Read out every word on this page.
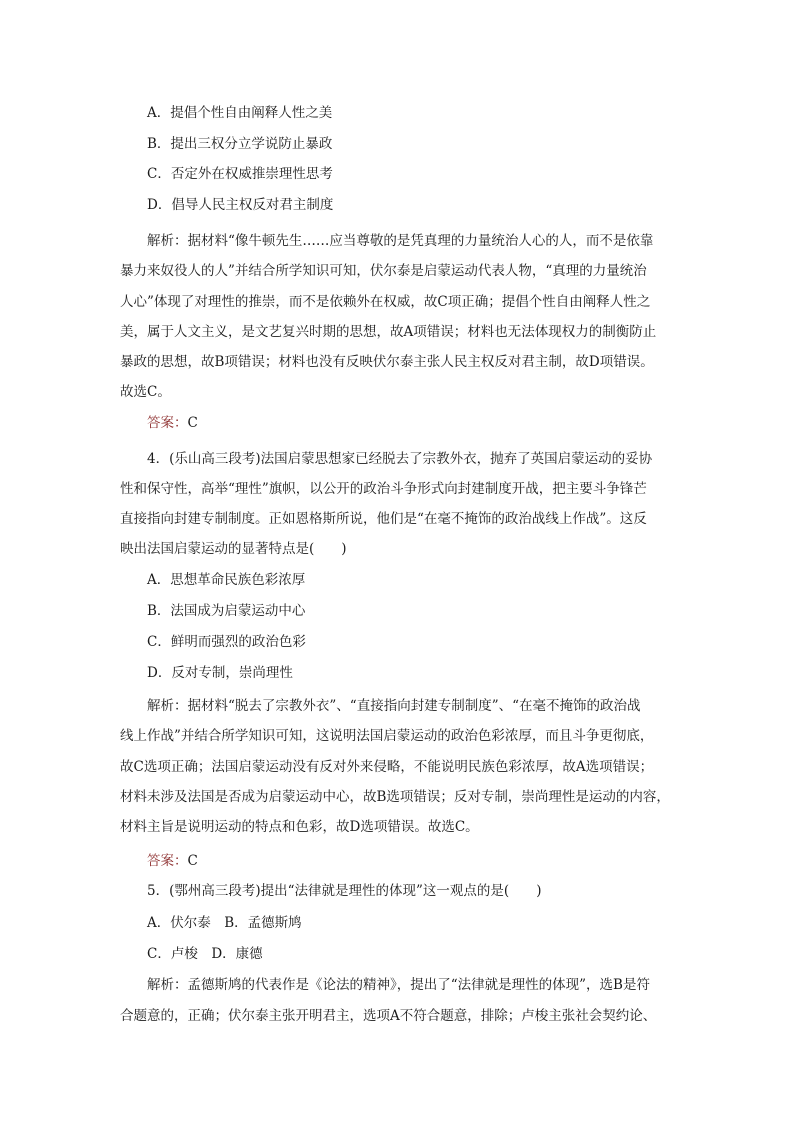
A．提倡个性自由阐释人性之美
B．提出三权分立学说防止暴政
C．否定外在权威推崇理性思考
D．倡导人民主权反对君主制度
解析：据材料“像牛顿先生……应当尊敬的是凭真理的力量统治人心的人，而不是依靠
暴力来奴役人的人”并结合所学知识可知，伏尔泰是启蒙运动代表人物，“真理的力量统治
人心”体现了对理性的推崇，而不是依赖外在权威，故C项正确；提倡个性自由阐释人性之
美，属于人文主义，是文艺复兴时期的思想，故A项错误；材料也无法体现权力的制衡防止
暴政的思想，故B项错误；材料也没有反映伏尔泰主张人民主权反对君主制，故D项错误。
故选C。
答案：C
4．(乐山高三段考)法国启蒙思想家已经脱去了宗教外衣，抛弃了英国启蒙运动的妥协
性和保守性，高举“理性”旗帜，以公开的政治斗争形式向封建制度开战，把主要斗争锋芒
直接指向封建专制制度。正如恩格斯所说，他们是“在毫不掩饰的政治战线上作战”。这反
映出法国启蒙运动的显著特点是(　　)
A．思想革命民族色彩浓厚
B．法国成为启蒙运动中心
C．鲜明而强烈的政治色彩
D．反对专制，崇尚理性
解析：据材料“脱去了宗教外衣”、“直接指向封建专制制度”、“在毫不掩饰的政治战
线上作战”并结合所学知识可知，这说明法国启蒙运动的政治色彩浓厚，而且斗争更彻底，
故C选项正确；法国启蒙运动没有反对外来侵略，不能说明民族色彩浓厚，故A选项错误；
材料未涉及法国是否成为启蒙运动中心，故B选项错误；反对专制，崇尚理性是运动的内容，
材料主旨是说明运动的特点和色彩，故D选项错误。故选C。
答案：C
5．(鄂州高三段考)提出“法律就是理性的体现”这一观点的是(　　)
A．伏尔泰　B．孟德斯鸠
C．卢梭　D．康德
解析：孟德斯鸠的代表作是《论法的精神》，提出了“法律就是理性的体现”，选B是符
合题意的，正确；伏尔泰主张开明君主，选项A不符合题意，排除；卢梭主张社会契约论、
